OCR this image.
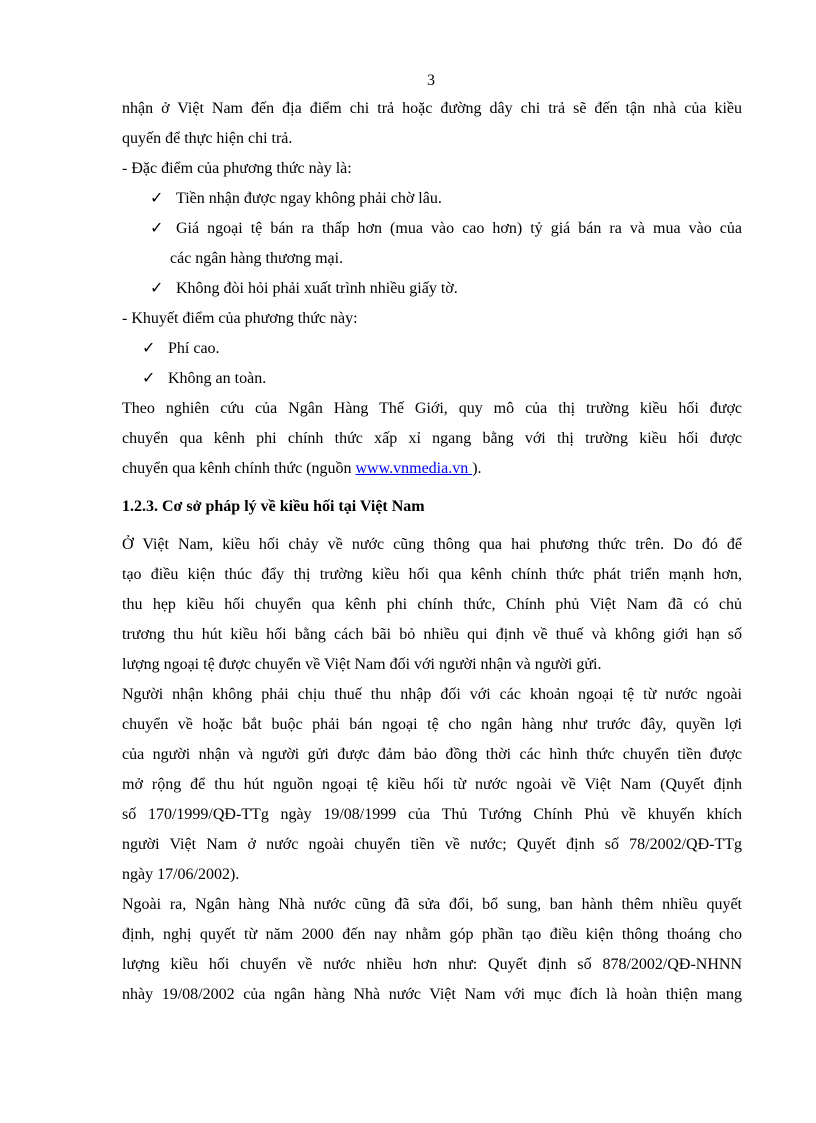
3
nhận ở Việt Nam đến địa điểm chi trả hoặc đường dây chi trả sẽ đến tận nhà của kiều
quyến để thực hiện chi trả.
- Đặc điểm của phương thức này là:
✓ Tiền nhận được ngay không phải chờ lâu.
✓ Giá ngoại tệ bán ra thấp hơn (mua vào cao hơn) tỷ giá bán ra và mua vào của
các ngân hàng thương mại.
✓ Không đòi hỏi phải xuất trình nhiều giấy tờ.
- Khuyết điểm của phương thức này:
✓ Phí cao.
✓ Không an toàn.
Theo nghiên cứu của Ngân Hàng Thế Giới, quy mô của thị trường kiều hối được
chuyển qua kênh phi chính thức xấp xỉ ngang bằng với thị trường kiều hối được
chuyển qua kênh chính thức (nguồn www.vnmedia.vn ).
1.2.3. Cơ sở pháp lý về kiều hối tại Việt Nam
Ở Việt Nam, kiều hối chảy về nước cũng thông qua hai phương thức trên. Do đó để
tạo điều kiện thúc đẩy thị trường kiều hối qua kênh chính thức phát triển mạnh hơn,
thu hẹp kiều hối chuyển qua kênh phi chính thức, Chính phủ Việt Nam đã có chủ
trương thu hút kiều hối bằng cách bãi bỏ nhiều qui định về thuế và không giới hạn số
lượng ngoại tệ được chuyển về Việt Nam đối với người nhận và người gửi.
Người nhận không phải chịu thuế thu nhập đối với các khoản ngoại tệ từ nước ngoài
chuyển về hoặc bắt buộc phải bán ngoại tệ cho ngân hàng như trước đây, quyền lợi
của người nhận và người gửi được đảm bảo đồng thời các hình thức chuyển tiền được
mở rộng để thu hút nguồn ngoại tệ kiều hối từ nước ngoài về Việt Nam (Quyết định
số 170/1999/QĐ-TTg ngày 19/08/1999 của Thủ Tướng Chính Phủ về khuyến khích
người Việt Nam ở nước ngoài chuyển tiền về nước; Quyết định số 78/2002/QĐ-TTg
ngày 17/06/2002).
Ngoài ra, Ngân hàng Nhà nước cũng đã sửa đổi, bổ sung, ban hành thêm nhiều quyết
định, nghị quyết từ năm 2000 đến nay nhằm góp phần tạo điều kiện thông thoáng cho
lượng kiều hối chuyển về nước nhiều hơn như: Quyết định số 878/2002/QĐ-NHNN
nhày 19/08/2002 của ngân hàng Nhà nước Việt Nam với mục đích là hoàn thiện mang
